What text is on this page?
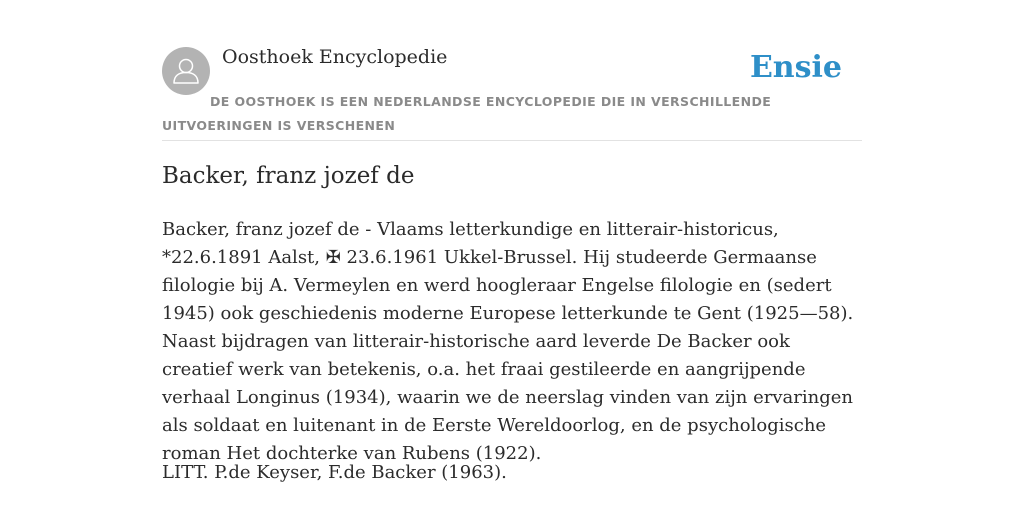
Oosthoek Encyclopedie	Ensie
DE OOSTHOEK IS EEN NEDERLANDSE ENCYCLOPEDIE DIE IN VERSCHILLENDE UITVOERINGEN IS VERSCHENEN
Backer, franz jozef de

Backer, franz jozef de - Vlaams letterkundige en litterair-historicus, *22.6.1891 Aalst, ✠ 23.6.1961 Ukkel-Brussel. Hij studeerde Germaanse filologie bij A. Vermeylen en werd hoogleraar Engelse filologie en (sedert 1945) ook geschiedenis moderne Europese letterkunde te Gent (1925—58). Naast bijdragen van litterair-historische aard leverde De Backer ook creatief werk van betekenis, o.a. het fraai gestileerde en aangrijpende verhaal Longinus (1934), waarin we de neerslag vinden van zijn ervaringen als soldaat en luitenant in de Eerste Wereldoorlog, en de psychologische roman Het dochterke van Rubens (1922).

LITT. P.de Keyser, F.de Backer (1963).
